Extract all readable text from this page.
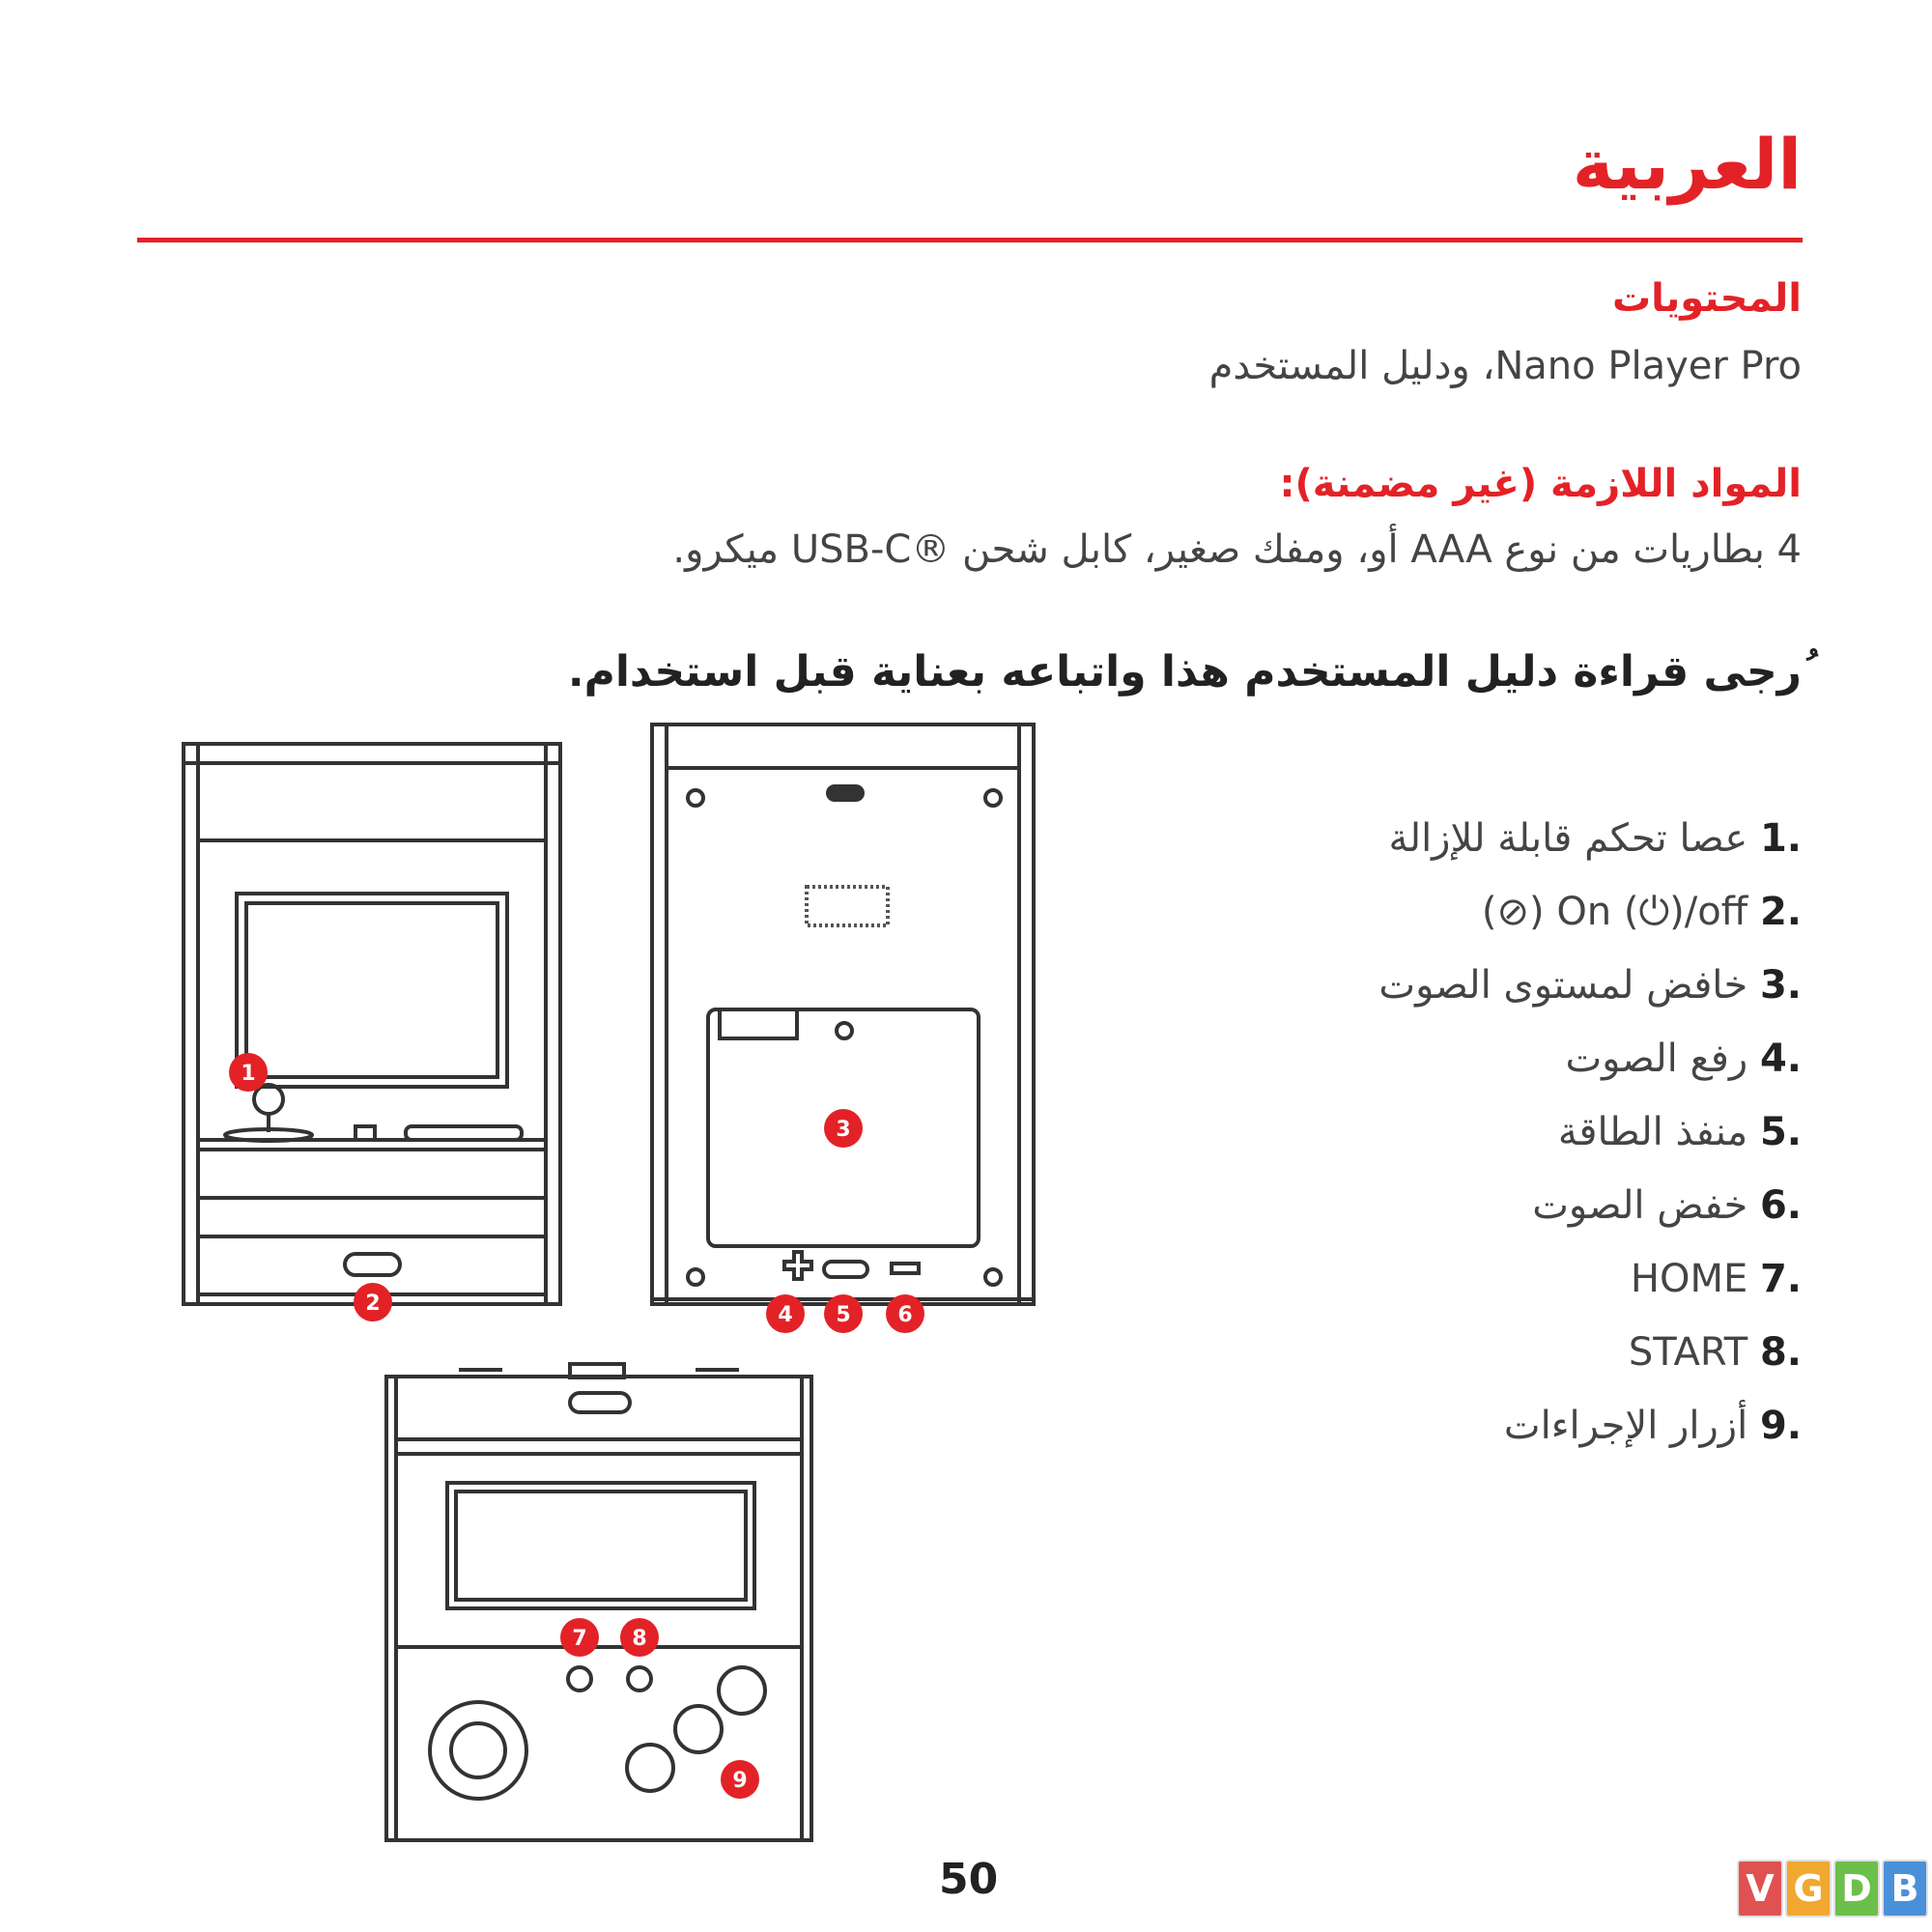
العربية
المحتويات
Nano Player Pro، ودليل المستخدم
المواد اللازمة (غير مضمنة):
4 بطاريات من نوع AAA أو، ومفك صغير، كابل شحن ®USB-C ميكرو.
ُرجى قراءة دليل المستخدم هذا واتباعه بعناية قبل استخدام.
.1 عصا تحكم قابلة للإزالة
.2 On (⏻)/off (⦸)
.3 خافض لمستوى الصوت
.4 رفع الصوت
.5 منفذ الطاقة
.6 خفض الصوت
.7 HOME
.8 START
.9 أزرار الإجراءات
1
2
3
4 5 6
7 8
9
50	V G D B
